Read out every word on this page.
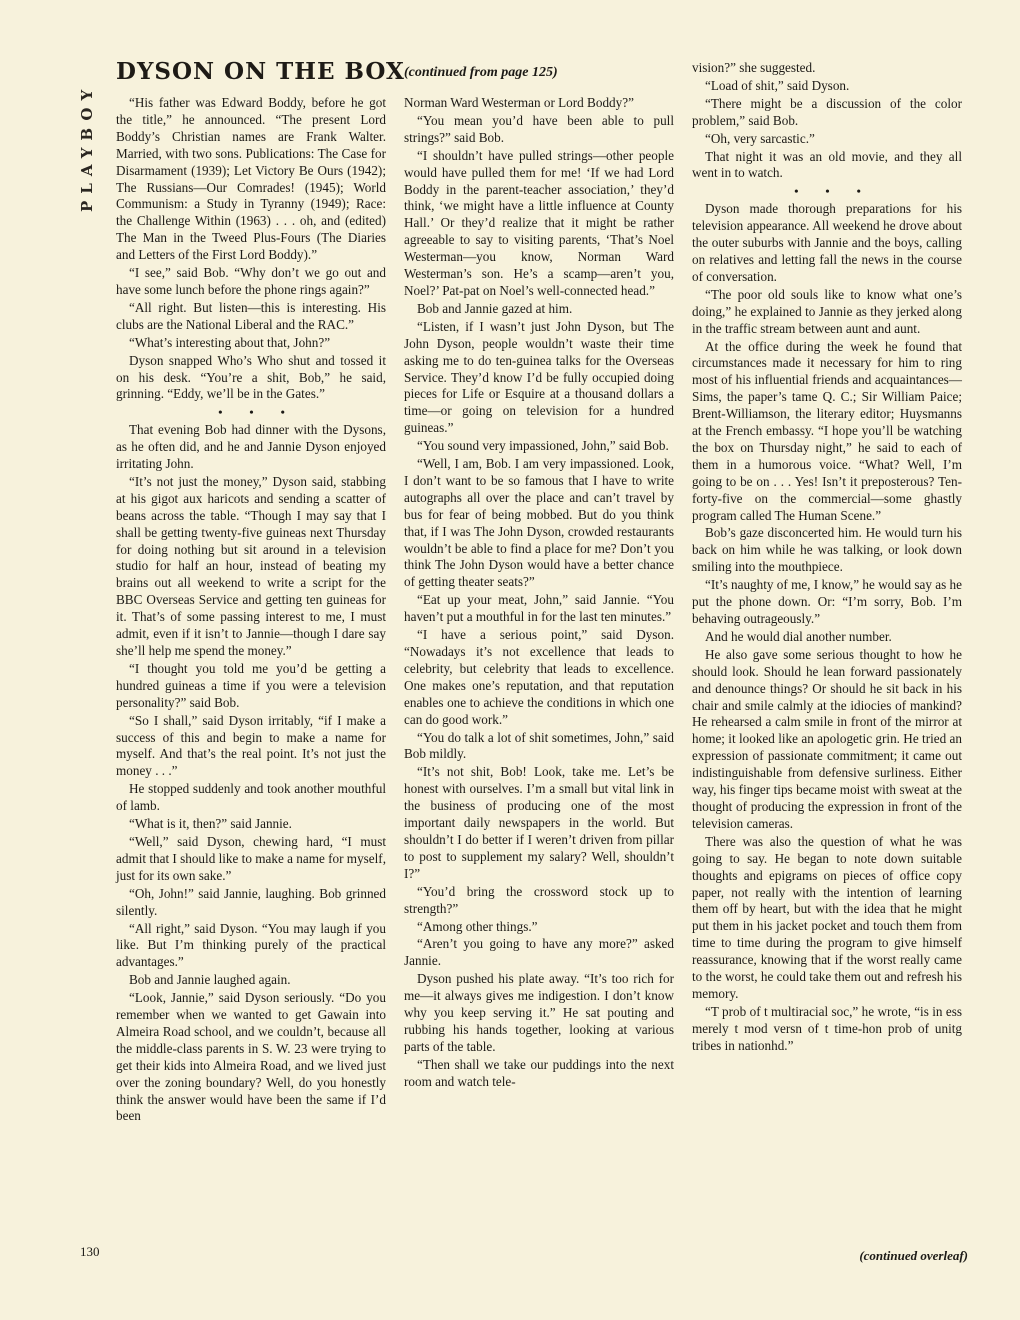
PLAYBOY
DYSON ON THE BOX (continued from page 125)

“His father was Edward Boddy, before he got the title,” he announced. “The present Lord Boddy’s Christian names are Frank Walter. Married, with two sons. Publications: The Case for Disarmament (1939); Let Victory Be Ours (1942); The Russians—Our Comrades! (1945); World Communism: a Study in Tyranny (1949); Race: the Challenge Within (1963) . . . oh, and (edited) The Man in the Tweed Plus-Fours (The Diaries and Letters of the First Lord Boddy).”

“I see,” said Bob. “Why don’t we go out and have some lunch before the phone rings again?”

“All right. But listen—this is interesting. His clubs are the National Liberal and the RAC.”

“What’s interesting about that, John?”

Dyson snapped Who’s Who shut and tossed it on his desk. “You’re a shit, Bob,” he said, grinning. “Eddy, we’ll be in the Gates.”

• • •

That evening Bob had dinner with the Dysons, as he often did, and he and Jannie Dyson enjoyed irritating John.

“It’s not just the money,” Dyson said, stabbing at his gigot aux haricots and sending a scatter of beans across the table. “Though I may say that I shall be getting twenty-five guineas next Thursday for doing nothing but sit around in a television studio for half an hour, instead of beating my brains out all weekend to write a script for the BBC Overseas Service and getting ten guineas for it. That’s of some passing interest to me, I must admit, even if it isn’t to Jannie—though I dare say she’ll help me spend the money.”

“I thought you told me you’d be getting a hundred guineas a time if you were a television personality?” said Bob.

“So I shall,” said Dyson irritably, “if I make a success of this and begin to make a name for myself. And that’s the real point. It’s not just the money . . .”

He stopped suddenly and took another mouthful of lamb.

“What is it, then?” said Jannie.

“Well,” said Dyson, chewing hard, “I must admit that I should like to make a name for myself, just for its own sake.”

“Oh, John!” said Jannie, laughing. Bob grinned silently.

“All right,” said Dyson. “You may laugh if you like. But I’m thinking purely of the practical advantages.”

Bob and Jannie laughed again.

“Look, Jannie,” said Dyson seriously. “Do you remember when we wanted to get Gawain into Almeira Road school, and we couldn’t, because all the middle-class parents in S. W. 23 were trying to get their kids into Almeira Road, and we lived just over the zoning boundary? Well, do you honestly think the answer would have been the same if I’d been

Norman Ward Westerman or Lord Boddy?”

“You mean you’d have been able to pull strings?” said Bob.

“I shouldn’t have pulled strings—other people would have pulled them for me! ‘If we had Lord Boddy in the parent-teacher association,’ they’d think, ‘we might have a little influence at County Hall.’ Or they’d realize that it might be rather agreeable to say to visiting parents, ‘That’s Noel Westerman—you know, Norman Ward Westerman’s son. He’s a scamp—aren’t you, Noel?’ Pat-pat on Noel’s well-connected head.”

Bob and Jannie gazed at him.

“Listen, if I wasn’t just John Dyson, but The John Dyson, people wouldn’t waste their time asking me to do ten-guinea talks for the Overseas Service. They’d know I’d be fully occupied doing pieces for Life or Esquire at a thousand dollars a time—or going on television for a hundred guineas.”

“You sound very impassioned, John,” said Bob.

“Well, I am, Bob. I am very impassioned. Look, I don’t want to be so famous that I have to write autographs all over the place and can’t travel by bus for fear of being mobbed. But do you think that, if I was The John Dyson, crowded restaurants wouldn’t be able to find a place for me? Don’t you think The John Dyson would have a better chance of getting theater seats?”

“Eat up your meat, John,” said Jannie. “You haven’t put a mouthful in for the last ten minutes.”

“I have a serious point,” said Dyson. “Nowadays it’s not excellence that leads to celebrity, but celebrity that leads to excellence. One makes one’s reputation, and that reputation enables one to achieve the conditions in which one can do good work.”

“You do talk a lot of shit sometimes, John,” said Bob mildly.

“It’s not shit, Bob! Look, take me. Let’s be honest with ourselves. I’m a small but vital link in the business of producing one of the most important daily newspapers in the world. But shouldn’t I do better if I weren’t driven from pillar to post to supplement my salary? Well, shouldn’t I?”

“You’d bring the crossword stock up to strength?”

“Among other things.”

“Aren’t you going to have any more?” asked Jannie.

Dyson pushed his plate away. “It’s too rich for me—it always gives me indigestion. I don’t know why you keep serving it.” He sat pouting and rubbing his hands together, looking at various parts of the table.

“Then shall we take our puddings into the next room and watch tele-

vision?” she suggested.

“Load of shit,” said Dyson.

“There might be a discussion of the color problem,” said Bob.

“Oh, very sarcastic.”

That night it was an old movie, and they all went in to watch.

• • •

Dyson made thorough preparations for his television appearance. All weekend he drove about the outer suburbs with Jannie and the boys, calling on relatives and letting fall the news in the course of conversation.

“The poor old souls like to know what one’s doing,” he explained to Jannie as they jerked along in the traffic stream between aunt and aunt.

At the office during the week he found that circumstances made it necessary for him to ring most of his influential friends and acquaintances—Sims, the paper’s tame Q. C.; Sir William Paice; Brent-Williamson, the literary editor; Huysmanns at the French embassy. “I hope you’ll be watching the box on Thursday night,” he said to each of them in a humorous voice. “What? Well, I’m going to be on . . . Yes! Isn’t it preposterous? Ten-forty-five on the commercial—some ghastly program called The Human Scene.”

Bob’s gaze disconcerted him. He would turn his back on him while he was talking, or look down smiling into the mouthpiece.

“It’s naughty of me, I know,” he would say as he put the phone down. Or: “I’m sorry, Bob. I’m behaving outrageously.”

And he would dial another number.

He also gave some serious thought to how he should look. Should he lean forward passionately and denounce things? Or should he sit back in his chair and smile calmly at the idiocies of mankind? He rehearsed a calm smile in front of the mirror at home; it looked like an apologetic grin. He tried an expression of passionate commitment; it came out indistinguishable from defensive surliness. Either way, his finger tips became moist with sweat at the thought of producing the expression in front of the television cameras.

There was also the question of what he was going to say. He began to note down suitable thoughts and epigrams on pieces of office copy paper, not really with the intention of learning them off by heart, but with the idea that he might put them in his jacket pocket and touch them from time to time during the program to give himself reassurance, knowing that if the worst really came to the worst, he could take them out and refresh his memory.

“T prob of t multiracial soc,” he wrote, “is in ess merely t mod versn of t time-hon prob of unitg tribes in nationhd.”

130	(continued overleaf)
